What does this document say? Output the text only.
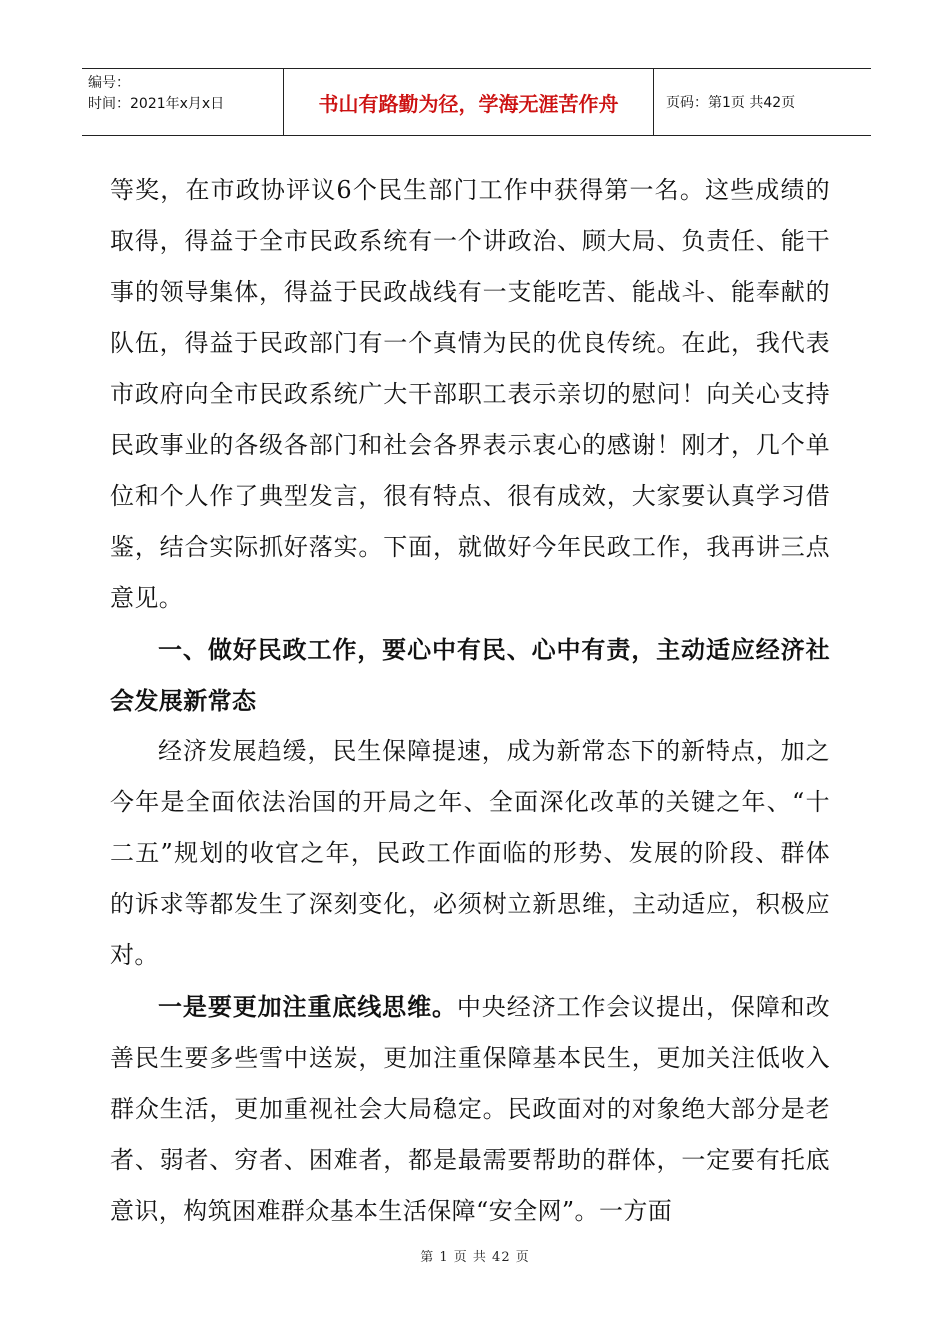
编号：
时间：2021年x月x日	书山有路勤为径，学海无涯苦作舟	页码：第1页 共42页

等奖，在市政协评议6个民生部门工作中获得第一名。这些成绩的取得，得益于全市民政系统有一个讲政治、顾大局、负责任、能干事的领导集体，得益于民政战线有一支能吃苦、能战斗、能奉献的队伍，得益于民政部门有一个真情为民的优良传统。在此，我代表市政府向全市民政系统广大干部职工表示亲切的慰问！向关心支持民政事业的各级各部门和社会各界表示衷心的感谢！刚才，几个单位和个人作了典型发言，很有特点、很有成效，大家要认真学习借鉴，结合实际抓好落实。下面，就做好今年民政工作，我再讲三点意见。

一、做好民政工作，要心中有民、心中有责，主动适应经济社会发展新常态

经济发展趋缓，民生保障提速，成为新常态下的新特点，加之今年是全面依法治国的开局之年、全面深化改革的关键之年、“十二五”规划的收官之年，民政工作面临的形势、发展的阶段、群体的诉求等都发生了深刻变化，必须树立新思维，主动适应，积极应对。

一是要更加注重底线思维。中央经济工作会议提出，保障和改善民生要多些雪中送炭，更加注重保障基本民生，更加关注低收入群众生活，更加重视社会大局稳定。民政面对的对象绝大部分是老者、弱者、穷者、困难者，都是最需要帮助的群体，一定要有托底意识，构筑困难群众基本生活保障“安全网”。一方面

第 1 页 共 42 页
